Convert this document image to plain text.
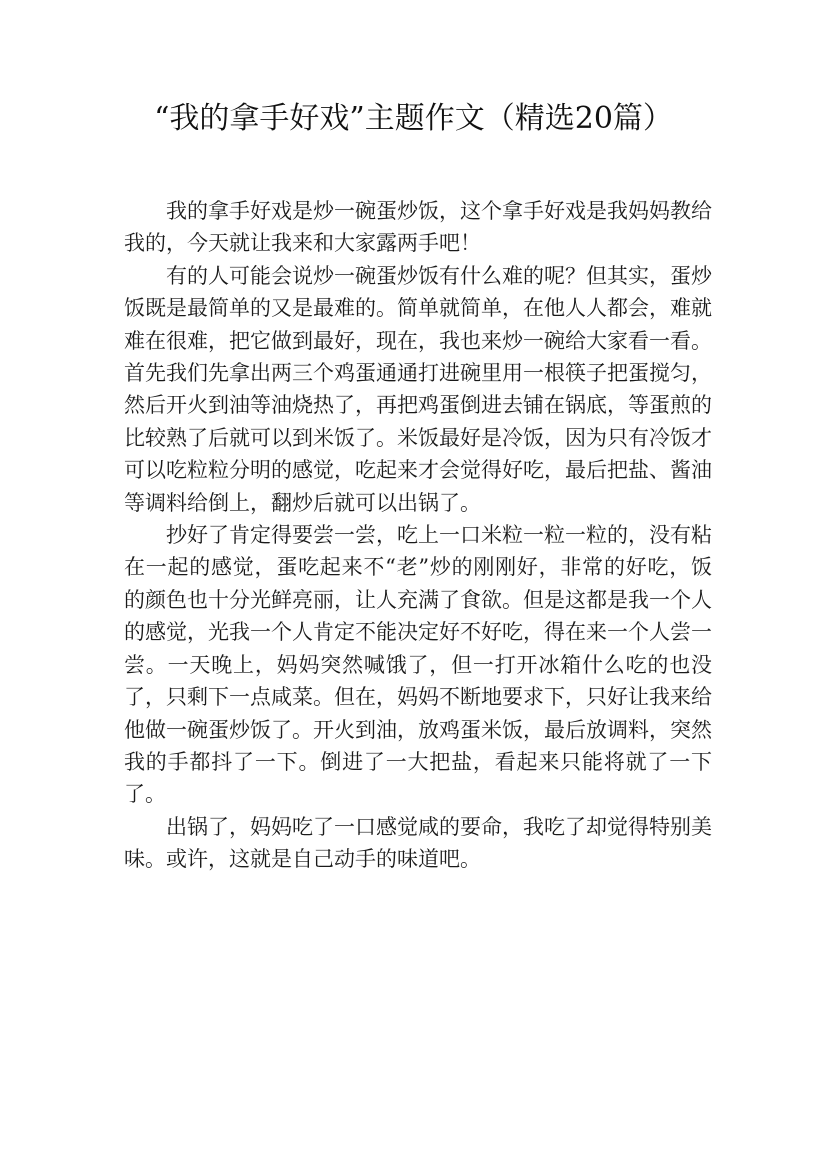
“我的拿手好戏”主题作文（精选20篇）

我的拿手好戏是炒一碗蛋炒饭，这个拿手好戏是我妈妈教给我的，今天就让我来和大家露两手吧！

有的人可能会说炒一碗蛋炒饭有什么难的呢？但其实，蛋炒饭既是最简单的又是最难的。简单就简单，在他人人都会，难就难在很难，把它做到最好，现在，我也来炒一碗给大家看一看。首先我们先拿出两三个鸡蛋通通打进碗里用一根筷子把蛋搅匀，然后开火到油等油烧热了，再把鸡蛋倒进去铺在锅底，等蛋煎的比较熟了后就可以到米饭了。米饭最好是冷饭，因为只有冷饭才可以吃粒粒分明的感觉，吃起来才会觉得好吃，最后把盐、酱油等调料给倒上，翻炒后就可以出锅了。

抄好了肯定得要尝一尝，吃上一口米粒一粒一粒的，没有粘在一起的感觉，蛋吃起来不“老”炒的刚刚好，非常的好吃，饭的颜色也十分光鲜亮丽，让人充满了食欲。但是这都是我一个人的感觉，光我一个人肯定不能决定好不好吃，得在来一个人尝一尝。一天晚上，妈妈突然喊饿了，但一打开冰箱什么吃的也没了，只剩下一点咸菜。但在，妈妈不断地要求下，只好让我来给他做一碗蛋炒饭了。开火到油，放鸡蛋米饭，最后放调料，突然我的手都抖了一下。倒进了一大把盐，看起来只能将就了一下了。

出锅了，妈妈吃了一口感觉咸的要命，我吃了却觉得特别美味。或许，这就是自己动手的味道吧。
